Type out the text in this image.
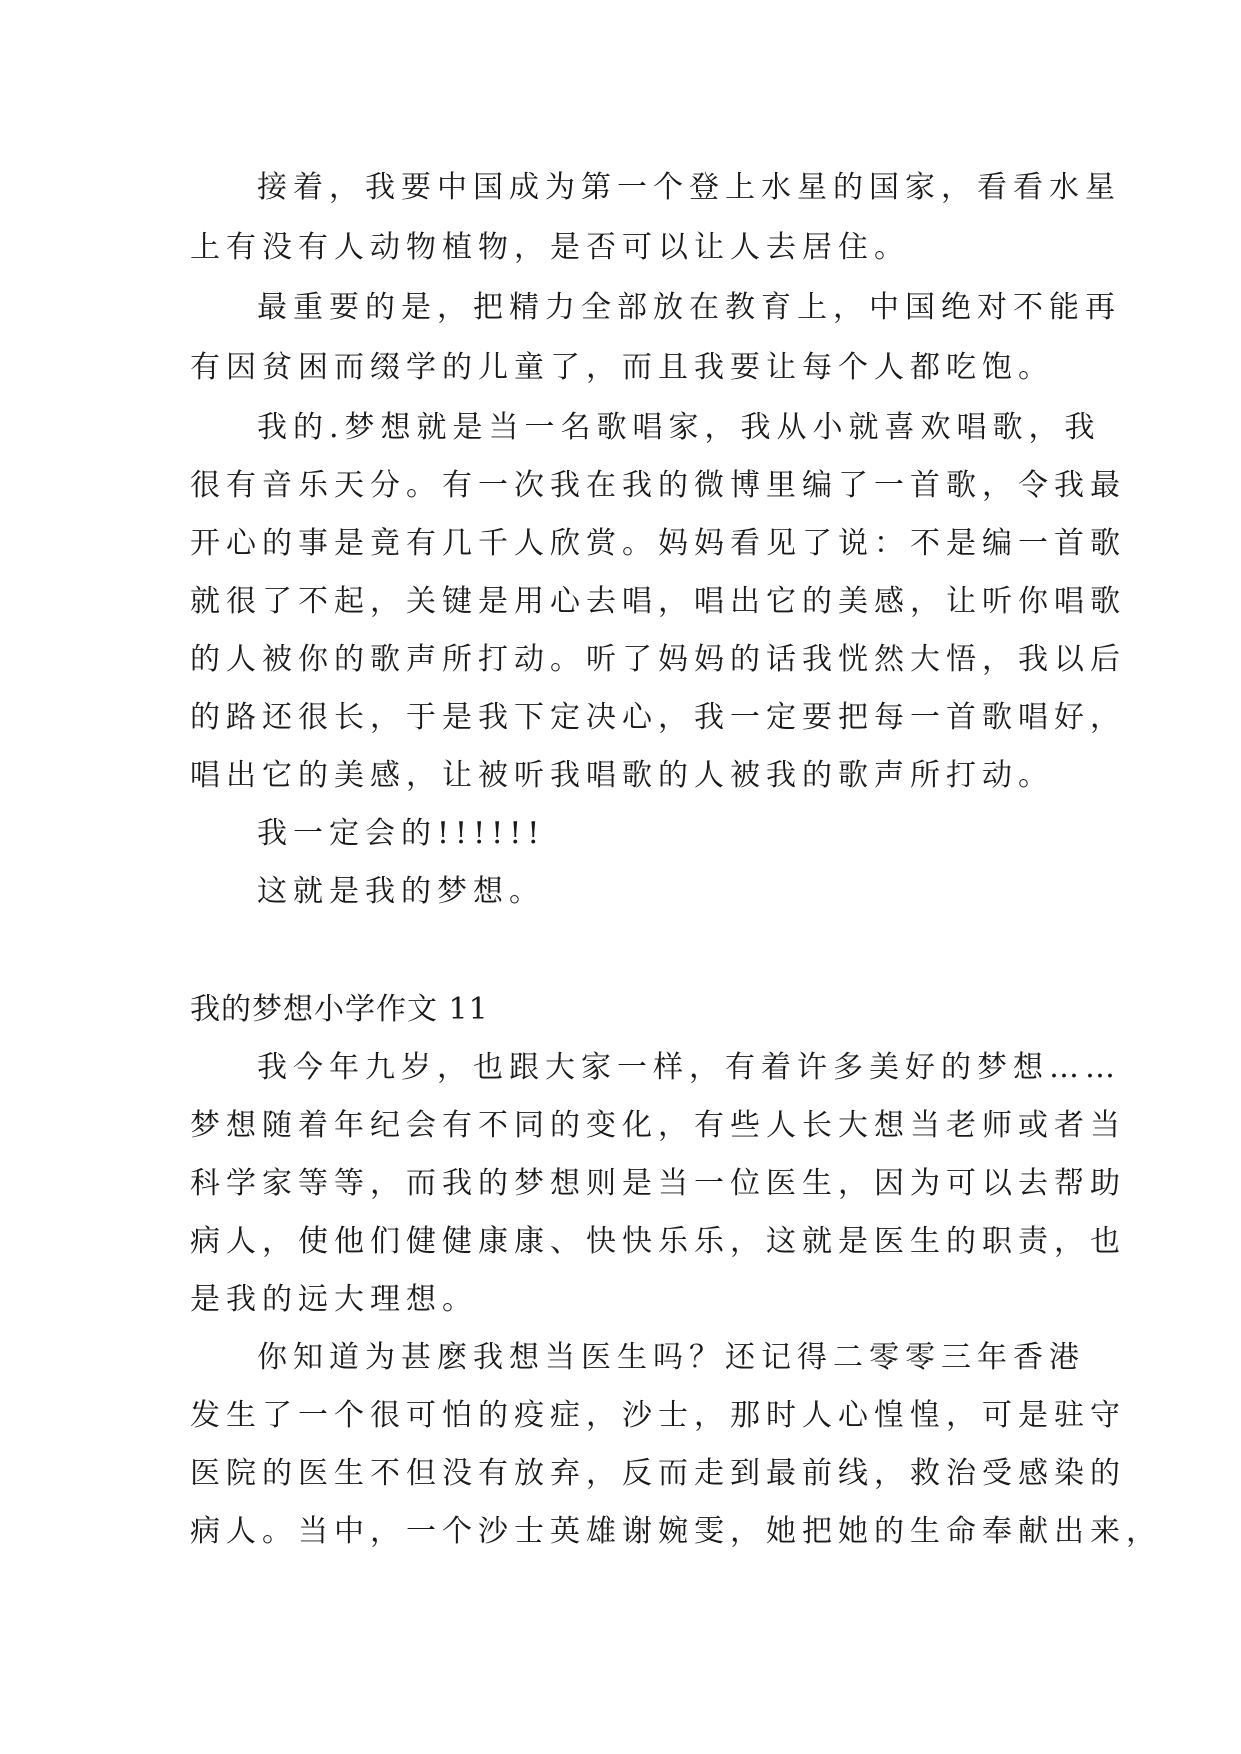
接着，我要中国成为第一个登上水星的国家，看看水星

上有没有人动物植物，是否可以让人去居住。

最重要的是，把精力全部放在教育上，中国绝对不能再

有因贫困而缀学的儿童了，而且我要让每个人都吃饱。

我的.梦想就是当一名歌唱家，我从小就喜欢唱歌，我

很有音乐天分。有一次我在我的微博里编了一首歌，令我最

开心的事是竟有几千人欣赏。妈妈看见了说：不是编一首歌

就很了不起，关键是用心去唱，唱出它的美感，让听你唱歌

的人被你的歌声所打动。听了妈妈的话我恍然大悟，我以后

的路还很长，于是我下定决心，我一定要把每一首歌唱好，

唱出它的美感，让被听我唱歌的人被我的歌声所打动。

我一定会的!!!!!!

这就是我的梦想。

我的梦想小学作文 11

我今年九岁，也跟大家一样，有着许多美好的梦想……

梦想随着年纪会有不同的变化，有些人长大想当老师或者当

科学家等等，而我的梦想则是当一位医生，因为可以去帮助

病人，使他们健健康康、快快乐乐，这就是医生的职责，也

是我的远大理想。

你知道为甚麽我想当医生吗？还记得二零零三年香港

发生了一个很可怕的疫症，沙士，那时人心惶惶，可是驻守

医院的医生不但没有放弃，反而走到最前线，救治受感染的

病人。当中，一个沙士英雄谢婉雯，她把她的生命奉献出来，
